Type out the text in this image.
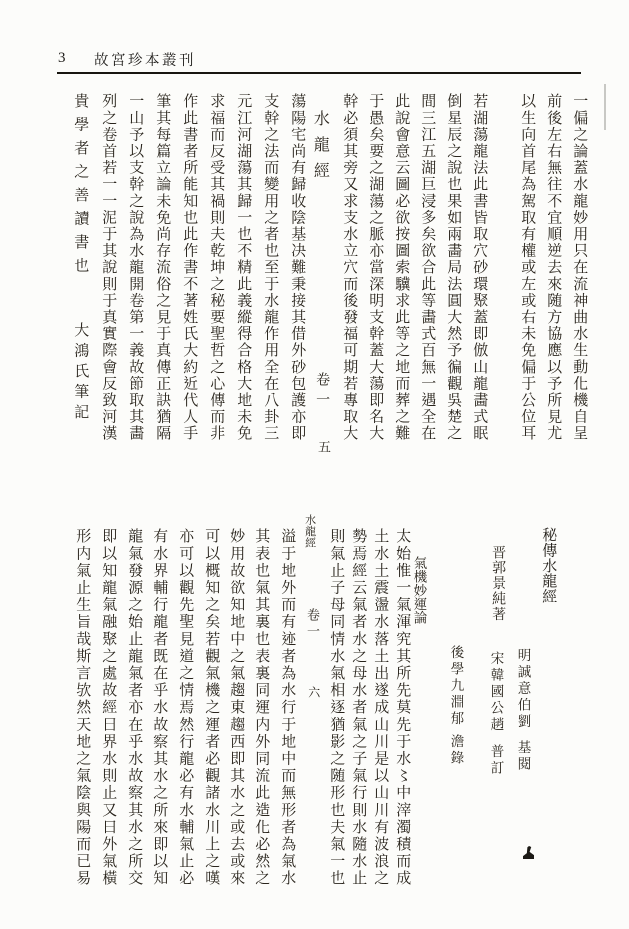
3 故宮珍本叢刊
一偏之論蓋水龍妙用只在流神曲水生動化機自呈
前後左右無往不宜順逆去來随方協應以予所見尤
以生向首尾為駕取有權或左或右未免偏于公位耳
若湖蕩龍法此書皆取穴砂環聚蓋即倣山龍畵式眠
倒星辰之說也果如兩畵局法圓大然予徧觀吳楚之
間三江五湖巨浸多矣欲合此等畵式百無一遇全在
此說會意云圖必欲按圖索驥求此等之地而葬之難
于愚矣要之湖蕩之脈亦當深明支幹蓋大蕩即名大
幹必須其旁又求支水立穴而後發福可期若專取大
水龍經
卷一
五
蕩陽宅尚有歸收陰基决難秉接其借外砂包護亦即
支幹之法而變用之者也至于水龍作用全在八卦三
元江河湖蕩其歸一也不精此義縱得合格大地未免
求福而反受其禍則夫乾坤之秘要聖哲之心傳而非
作此書者所能知也此作書不著姓氏大約近代人手
筆其每篇立論未免尚存流俗之見于真傳正訣猶隔
一山予以支幹之說為水龍開卷第一義故節取其畵
列之卷首若一一泥于其說則于真實際會反致河漢
貴學者之善讀書也
大鴻氏筆記
秘傳水龍經
晋郭景純著
明誠意伯劉
基閱
宋韓國公趙
普訂
後學九淵郁
澹錄
氣機妙運論
太始惟一氣渾究其所先莫先于水〻中滓濁積而成
土水土震盪水落土出遂成山川是以山川有波浪之
勢焉經云氣者水之母水者氣之子氣行則水隨水止
則氣止子母同情水氣相逐猶影之随形也夫氣一也
水龍經
卷一
六
溢于地外而有迹者為水行于地中而無形者為氣水
其表也氣其裏也表裏同運内外同流此造化必然之
妙用故欲知地中之氣趨東趨西即其水之或去或來
可以概知之矣若觀氣機之運者必觀諸水川上之嘆
亦可以觀先聖見道之情焉然行龍必有水輔氣止必
有水界輔行龍者既在乎水故察其水之所來即以知
龍氣發源之始止龍氣者亦在乎水故察其水之所交
即以知龍氣融聚之處故經曰界水則止又曰外氣橫
形内氣止生旨哉斯言欤然天地之氣陰與陽而已易
